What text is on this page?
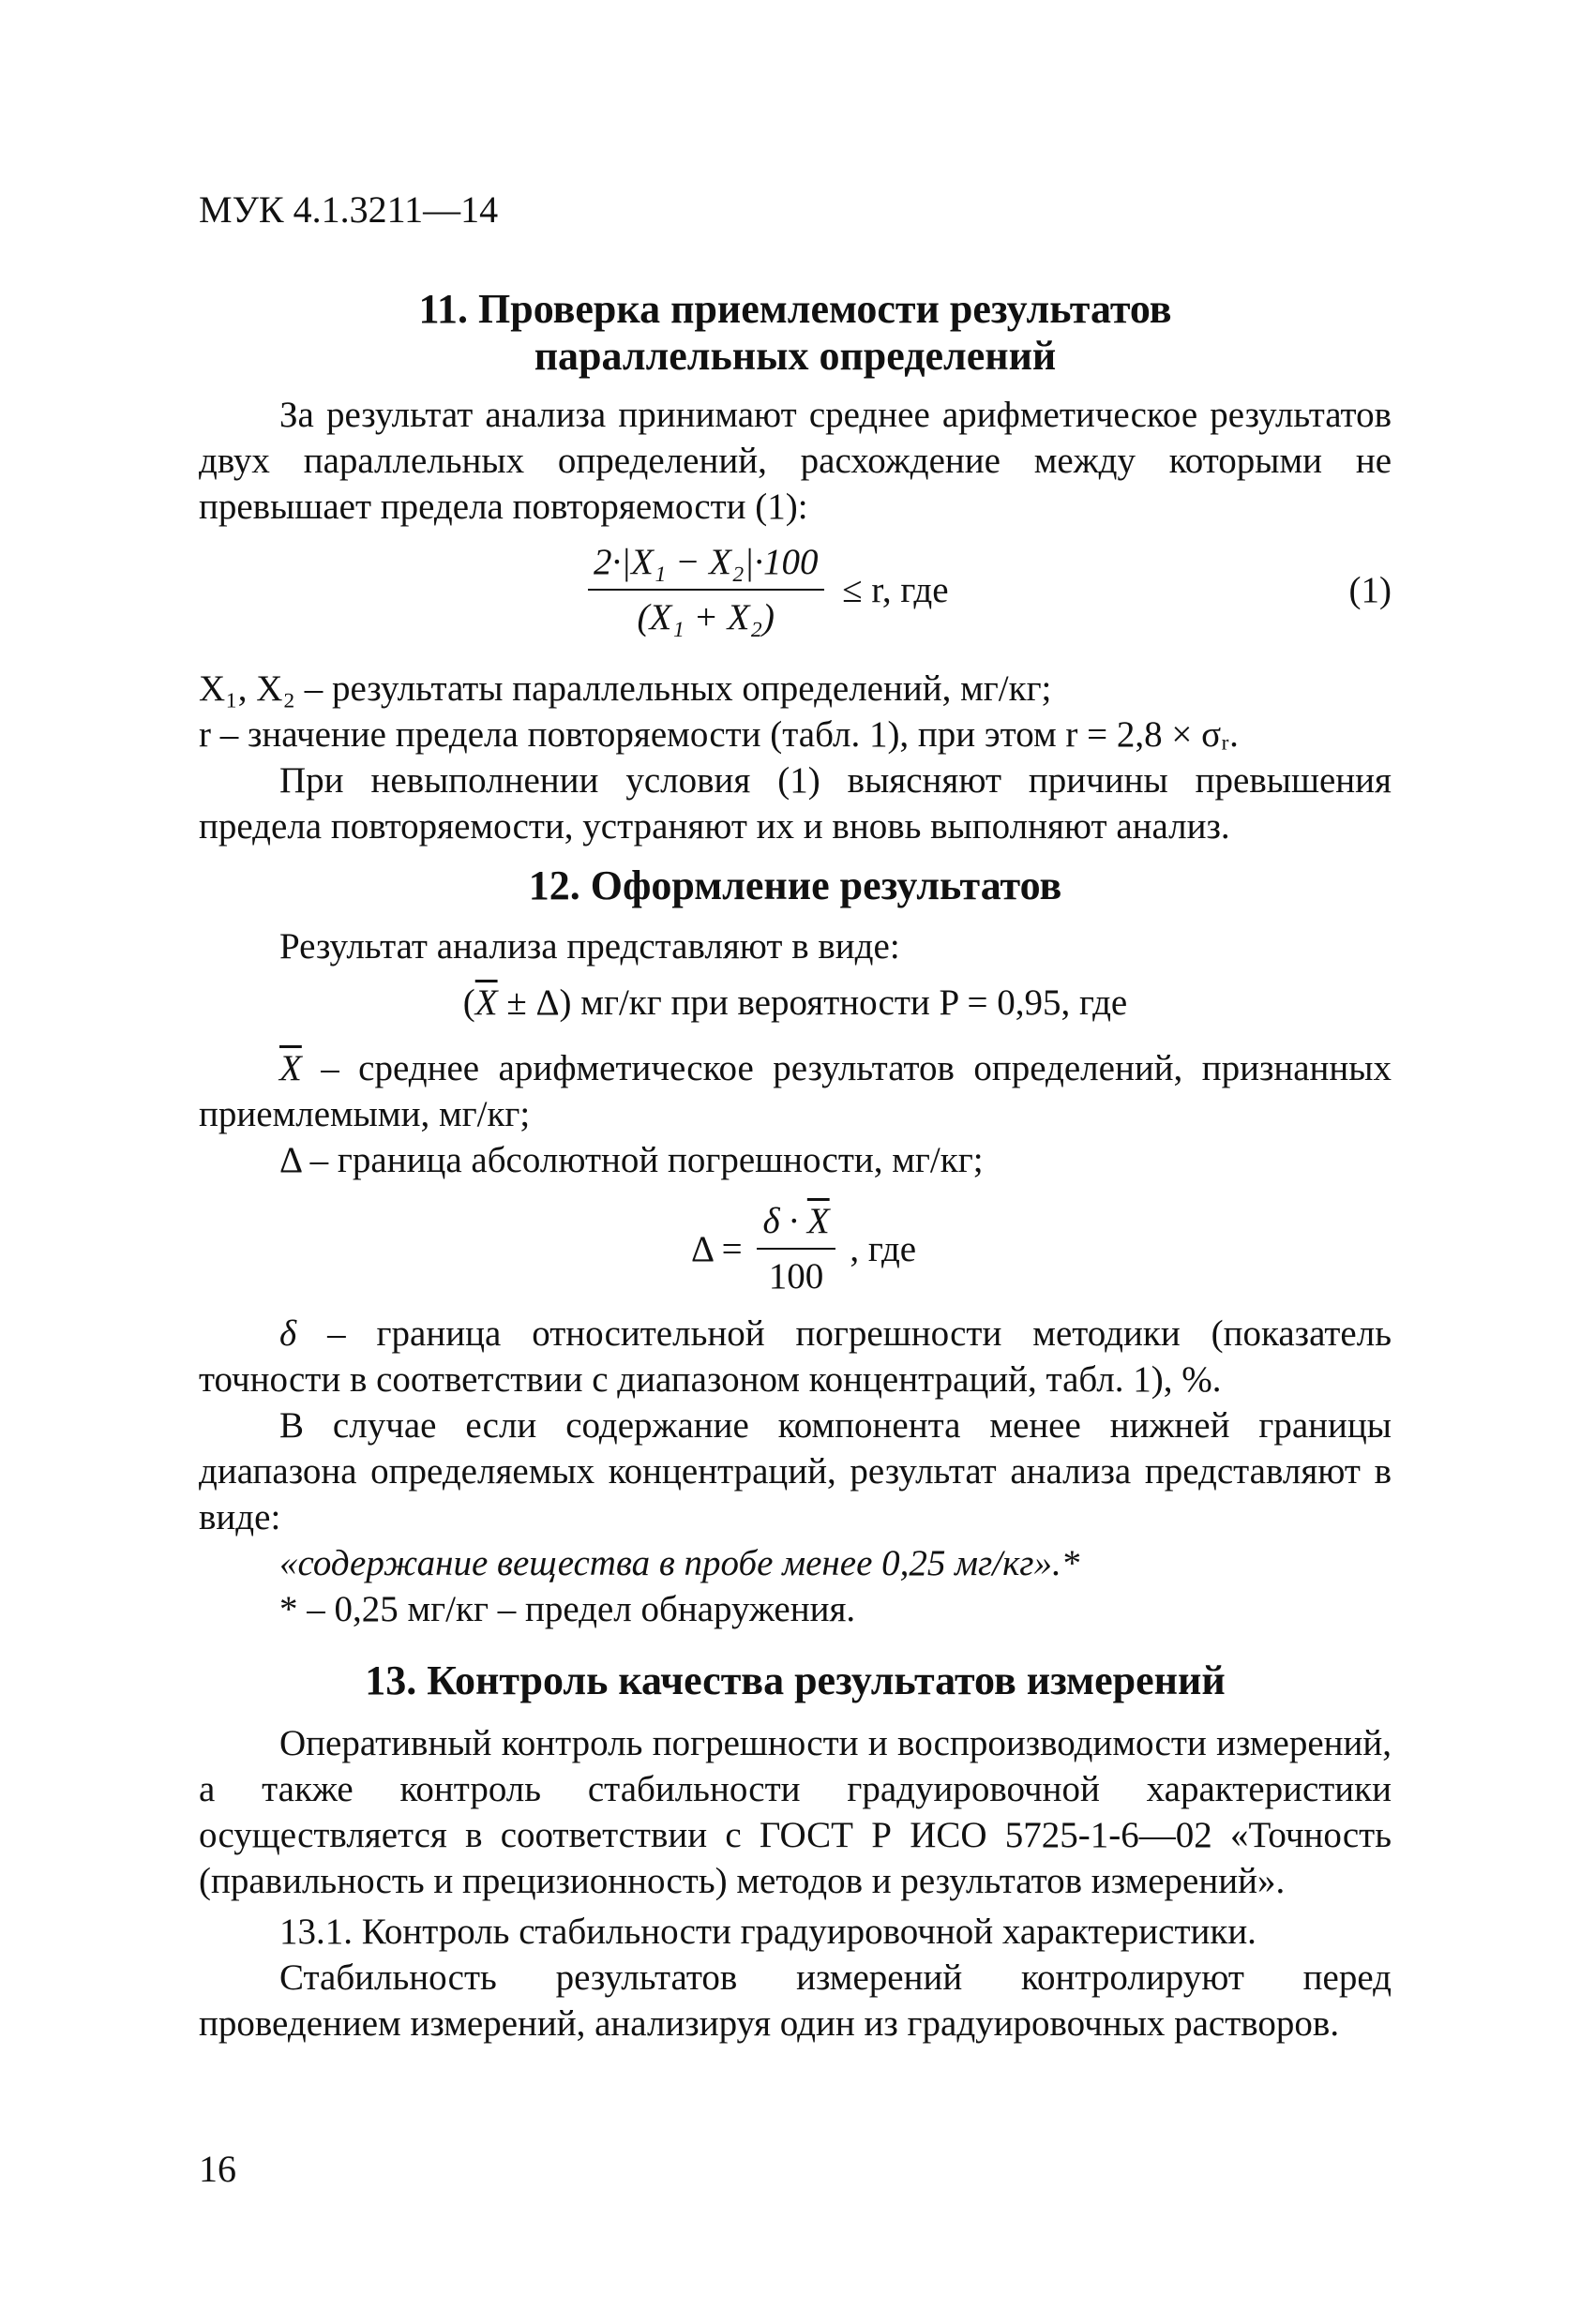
МУК 4.1.3211—14
11. Проверка приемлемости результатов
параллельных определений
За результат анализа принимают среднее арифметическое результатов двух параллельных определений, расхождение между которыми не превышает предела повторяемости (1):
$\frac{\text{2·|X₁ − X₂|·100}}{\text{(X₁ + X₂)}} \le r$, где	(1)
X₁, X₂ – результаты параллельных определений, мг/кг;
r – значение предела повторяемости (табл. 1), при этом r = 2,8 × σᵣ.
При невыполнении условия (1) выясняют причины превышения предела повторяемости, устраняют их и вновь выполняют анализ.
12. Оформление результатов
Результат анализа представляют в виде:
$(\overline{X} \pm \Delta)$ мг/кг при вероятности P = 0,95, где
$\overline{X}$ – среднее арифметическое результатов определений, признанных приемлемыми, мг/кг;
Δ – граница абсолютной погрешности, мг/кг;
$\Delta = \frac{\delta \cdot \overline{X}}{100}$ , где
δ – граница относительной погрешности методики (показатель точности в соответствии с диапазоном концентраций, табл. 1), %.
В случае если содержание компонента менее нижней границы диапазона определяемых концентраций, результат анализа представляют в виде:
«содержание вещества в пробе менее 0,25 мг/кг».*
* – 0,25 мг/кг – предел обнаружения.
13. Контроль качества результатов измерений
Оперативный контроль погрешности и воспроизводимости измерений, а также контроль стабильности градуировочной характеристики осуществляется в соответствии с ГОСТ Р ИСО 5725-1-6—02 «Точность (правильность и прецизионность) методов и результатов измерений».
13.1. Контроль стабильности градуировочной характеристики.
Стабильность результатов измерений контролируют перед проведением измерений, анализируя один из градуировочных растворов.
16
